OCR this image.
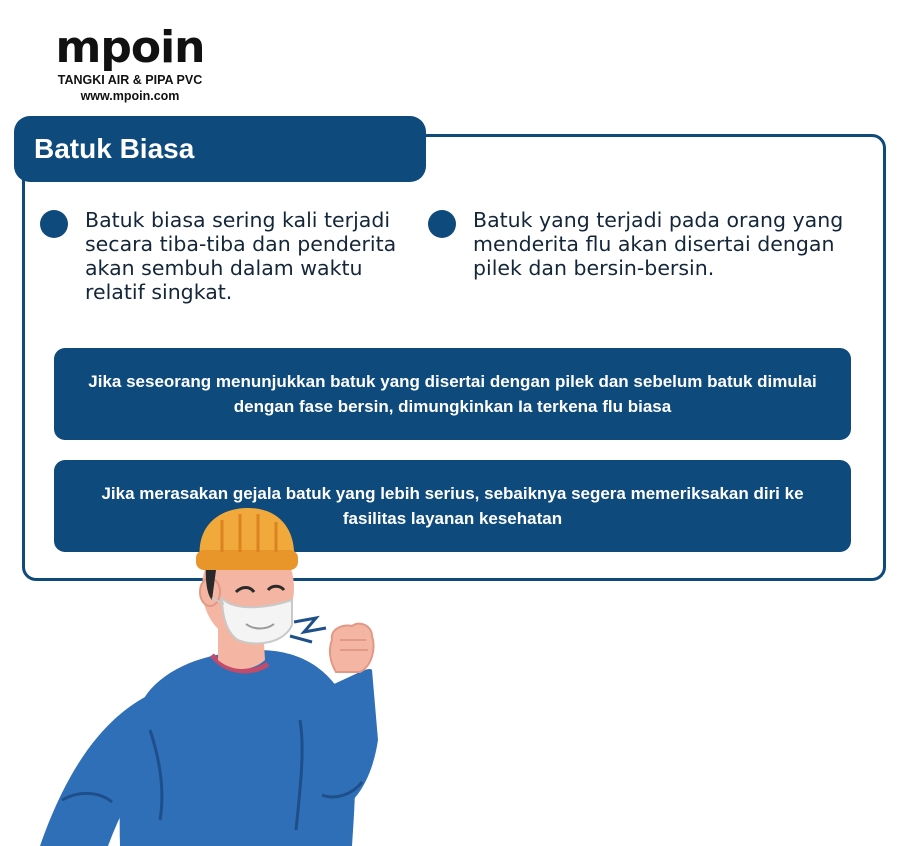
mpoin
TANGKI AIR & PIPA PVC
www.mpoin.com
Batuk Biasa
Batuk biasa sering kali terjadi secara tiba-tiba dan penderita akan sembuh dalam waktu relatif singkat.
Batuk yang terjadi pada orang yang menderita flu akan disertai dengan pilek dan bersin-bersin.
Jika seseorang menunjukkan batuk yang disertai dengan pilek dan sebelum batuk dimulai dengan fase bersin, dimungkinkan Ia terkena flu biasa
Jika merasakan gejala batuk yang lebih serius, sebaiknya segera memeriksakan diri ke fasilitas layanan kesehatan
